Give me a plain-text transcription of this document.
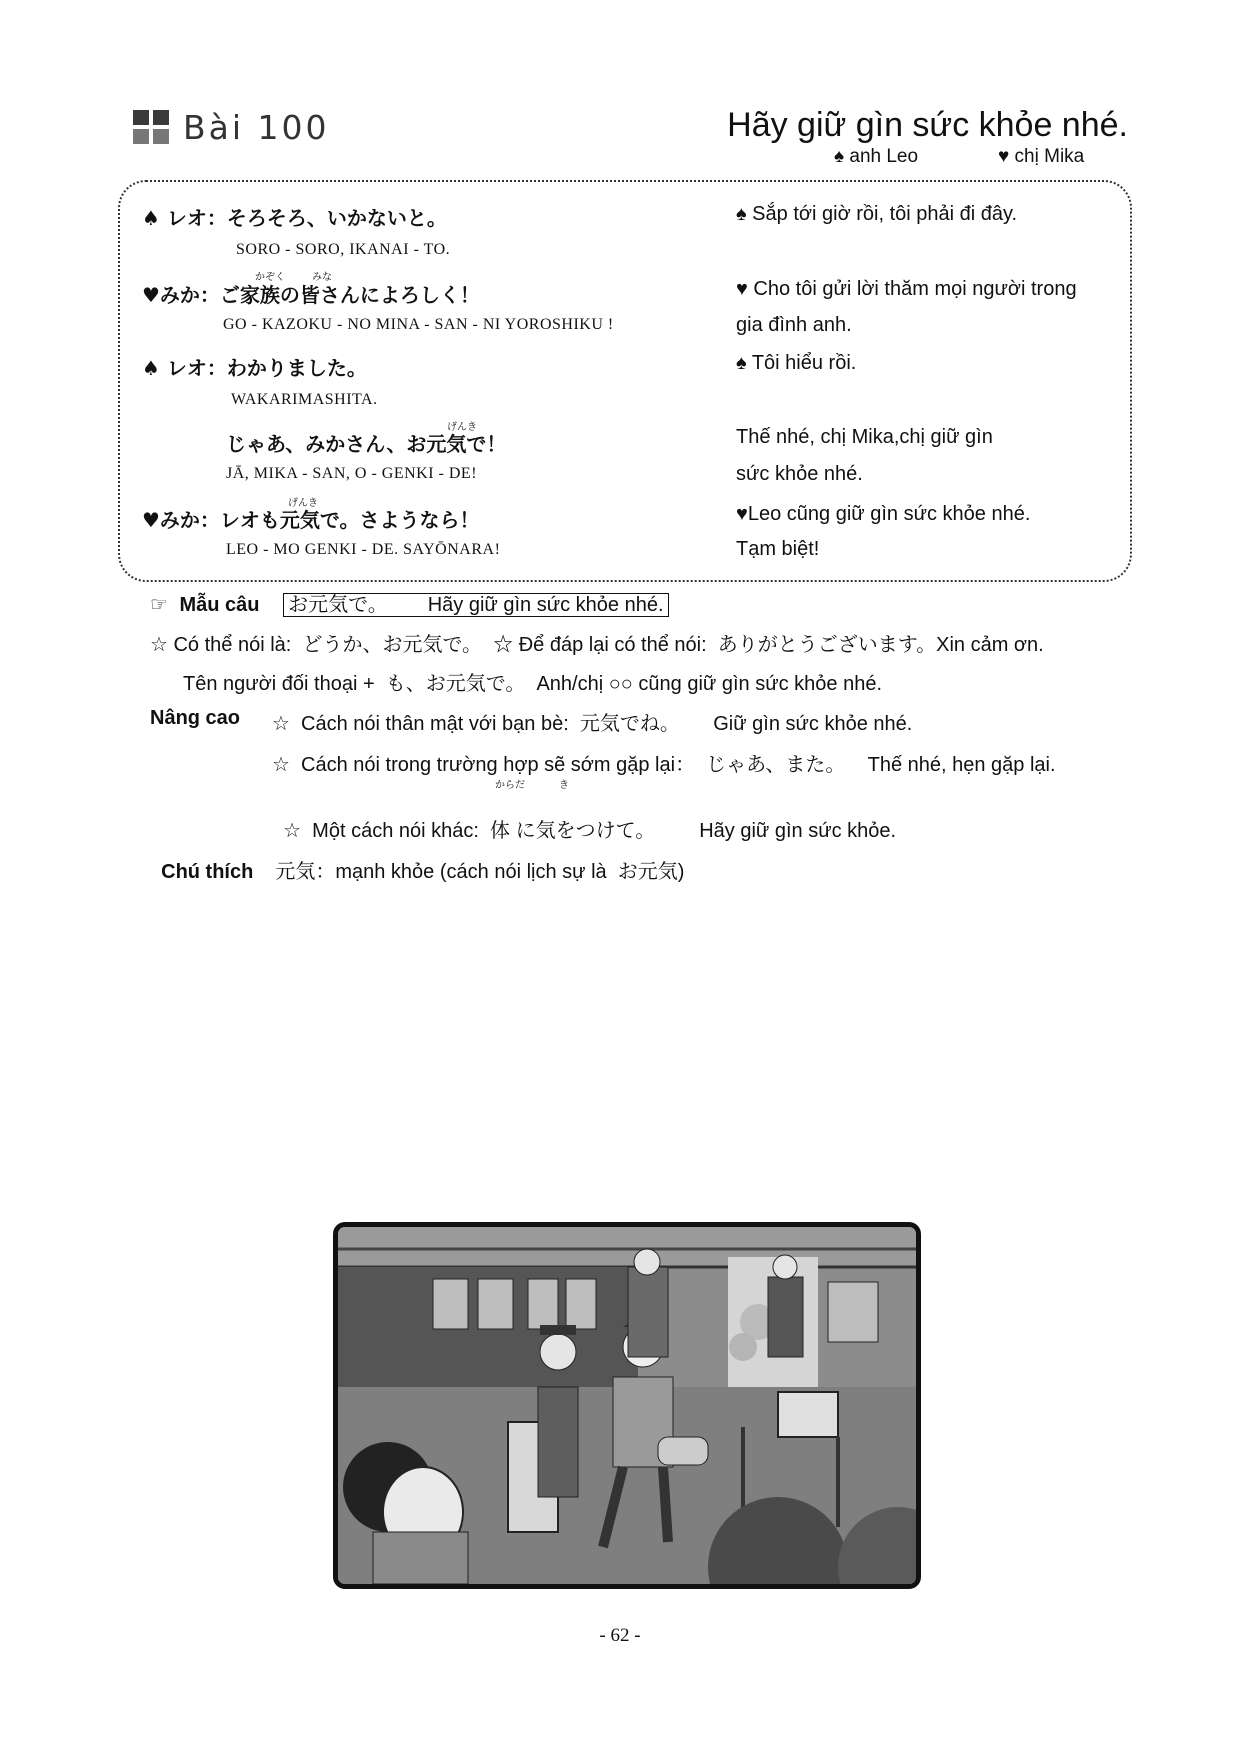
Bài 100	Hãy giữ gìn sức khỏe nhé.
♠ anh Leo	♥ chị Mika
♠ レオ：そろそろ、いかないと。
SORO - SORO, IKANAI - TO.
♠ Sắp tới giờ rồi, tôi phải đi đây.
かぞく	みな
♥みか：ご家族の皆さんによろしく！
GO - KAZOKU - NO MINA - SAN - NI YOROSHIKU !
♥ Cho tôi gửi lời thăm mọi người trong
gia đình anh.
♠ レオ：わかりました。
WAKARIMASHITA.
♠ Tôi hiểu rồi.
げんき
じゃあ、みかさん、お元気で！
JĀ, MIKA - SAN, O - GENKI - DE!
Thế nhé, chị Mika,chị giữ gìn
sức khỏe nhé.
げんき
♥みか：レオも元気で。さようなら！
LEO - MO GENKI - DE. SAYŌNARA!
♥Leo cũng giữ gìn sức khỏe nhé.
Tạm biệt!
☞ Mẫu câu お元気で。 Hãy giữ gìn sức khỏe nhé.
☆ Có thể nói là:  どうか、お元気で。  ☆ Để đáp lại có thể nói:  ありがとうございます。Xin cảm ơn.
Tên người đối thoại +  も、お元気で。  Anh/chị ○○ cũng giữ gìn sức khỏe nhé.
Nâng cao ☆  Cách nói thân mật với bạn bè:  元気でね。      Giữ gìn sức khỏe nhé.
☆  Cách nói trong trường hợp sẽ sớm gặp lại：  じゃあ、また。    Thế nhé, hẹn gặp lại.
からだ	き

☆  Một cách nói khác:  体 に気をつけて。 Hãy giữ gìn sức khỏe.

Chú thích 元気：mạnh khỏe (cách nói lịch sự là  お元気)

- 62 -
